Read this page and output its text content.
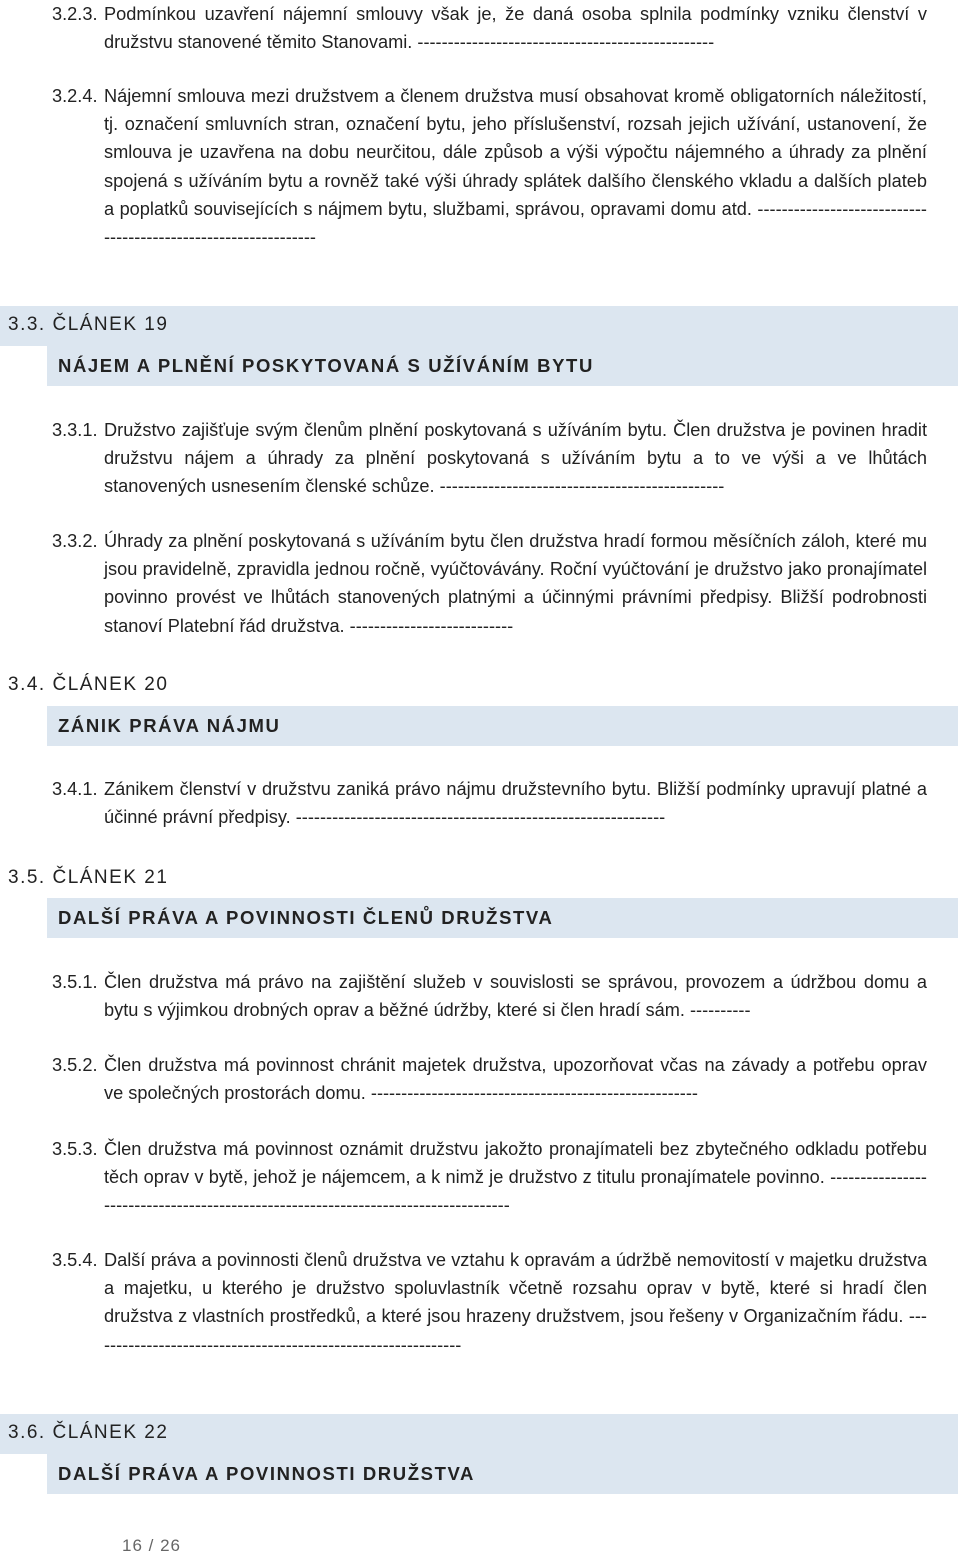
3.2.3. Podmínkou uzavření nájemní smlouvy však je, že daná osoba splnila podmínky vzniku členství v družstvu stanovené těmito Stanovami. -------------------------------------------------
3.2.4. Nájemní smlouva mezi družstvem a členem družstva musí obsahovat kromě obligatorních náležitostí, tj. označení smluvních stran, označení bytu, jeho příslušenství, rozsah jejich užívání, ustanovení, že smlouva je uzavřena na dobu neurčitou, dále způsob a výši výpočtu nájemného a úhrady za plnění spojená s užíváním bytu a rovněž také výši úhrady splátek dalšího členského vkladu a dalších plateb a poplatků souvisejících s nájmem bytu, službami, správou, opravami domu atd. ---------------------------------------------------------------
3.3. ČLÁNEK 19
NÁJEM A PLNĚNÍ POSKYTOVANÁ S UŽÍVÁNÍM BYTU
3.3.1. Družstvo zajišťuje svým členům plnění poskytovaná s užíváním bytu. Člen družstva je povinen hradit družstvu nájem a úhrady za plnění poskytovaná s užíváním bytu a to ve výši a ve lhůtách stanovených usnesením členské schůze. -----------------------------------------------
3.3.2. Úhrady za plnění poskytovaná s užíváním bytu člen družstva hradí formou měsíčních záloh, které mu jsou pravidelně, zpravidla jednou ročně, vyúčtovávány. Roční vyúčtování je družstvo jako pronajímatel povinno provést ve lhůtách stanovených platnými a účinnými právními předpisy. Bližší podrobnosti stanoví Platební řád družstva. ---------------------------
3.4. ČLÁNEK 20
ZÁNIK PRÁVA NÁJMU
3.4.1. Zánikem členství v družstvu zaniká právo nájmu družstevního bytu. Bližší podmínky upravují platné a účinné právní předpisy. -------------------------------------------------------------
3.5. ČLÁNEK 21
DALŠÍ PRÁVA A POVINNOSTI ČLENŮ DRUŽSTVA
3.5.1. Člen družstva má právo na zajištění služeb v souvislosti se správou, provozem a údržbou domu a bytu s výjimkou drobných oprav a běžné údržby, které si člen hradí sám. ----------
3.5.2. Člen družstva má povinnost chránit majetek družstva, upozorňovat včas na závady a potřebu oprav ve společných prostorách domu. ------------------------------------------------------
3.5.3. Člen družstva má povinnost oznámit družstvu jakožto pronajímateli bez zbytečného odkladu potřebu těch oprav v bytě, jehož je nájemcem, a k nimž je družstvo z titulu pronajímatele povinno. -----------------------------------------------------------------------------------
3.5.4. Další práva a povinnosti členů družstva ve vztahu k opravám a údržbě nemovitostí v majetku družstva a majetku, u kterého je družstvo spoluvlastník včetně rozsahu oprav v bytě, které si hradí člen družstva z vlastních prostředků, a které jsou hrazeny družstvem, jsou řešeny v Organizačním řádu. --------------------------------------------------------------
3.6. ČLÁNEK 22
DALŠÍ PRÁVA A POVINNOSTI DRUŽSTVA
16 / 26
